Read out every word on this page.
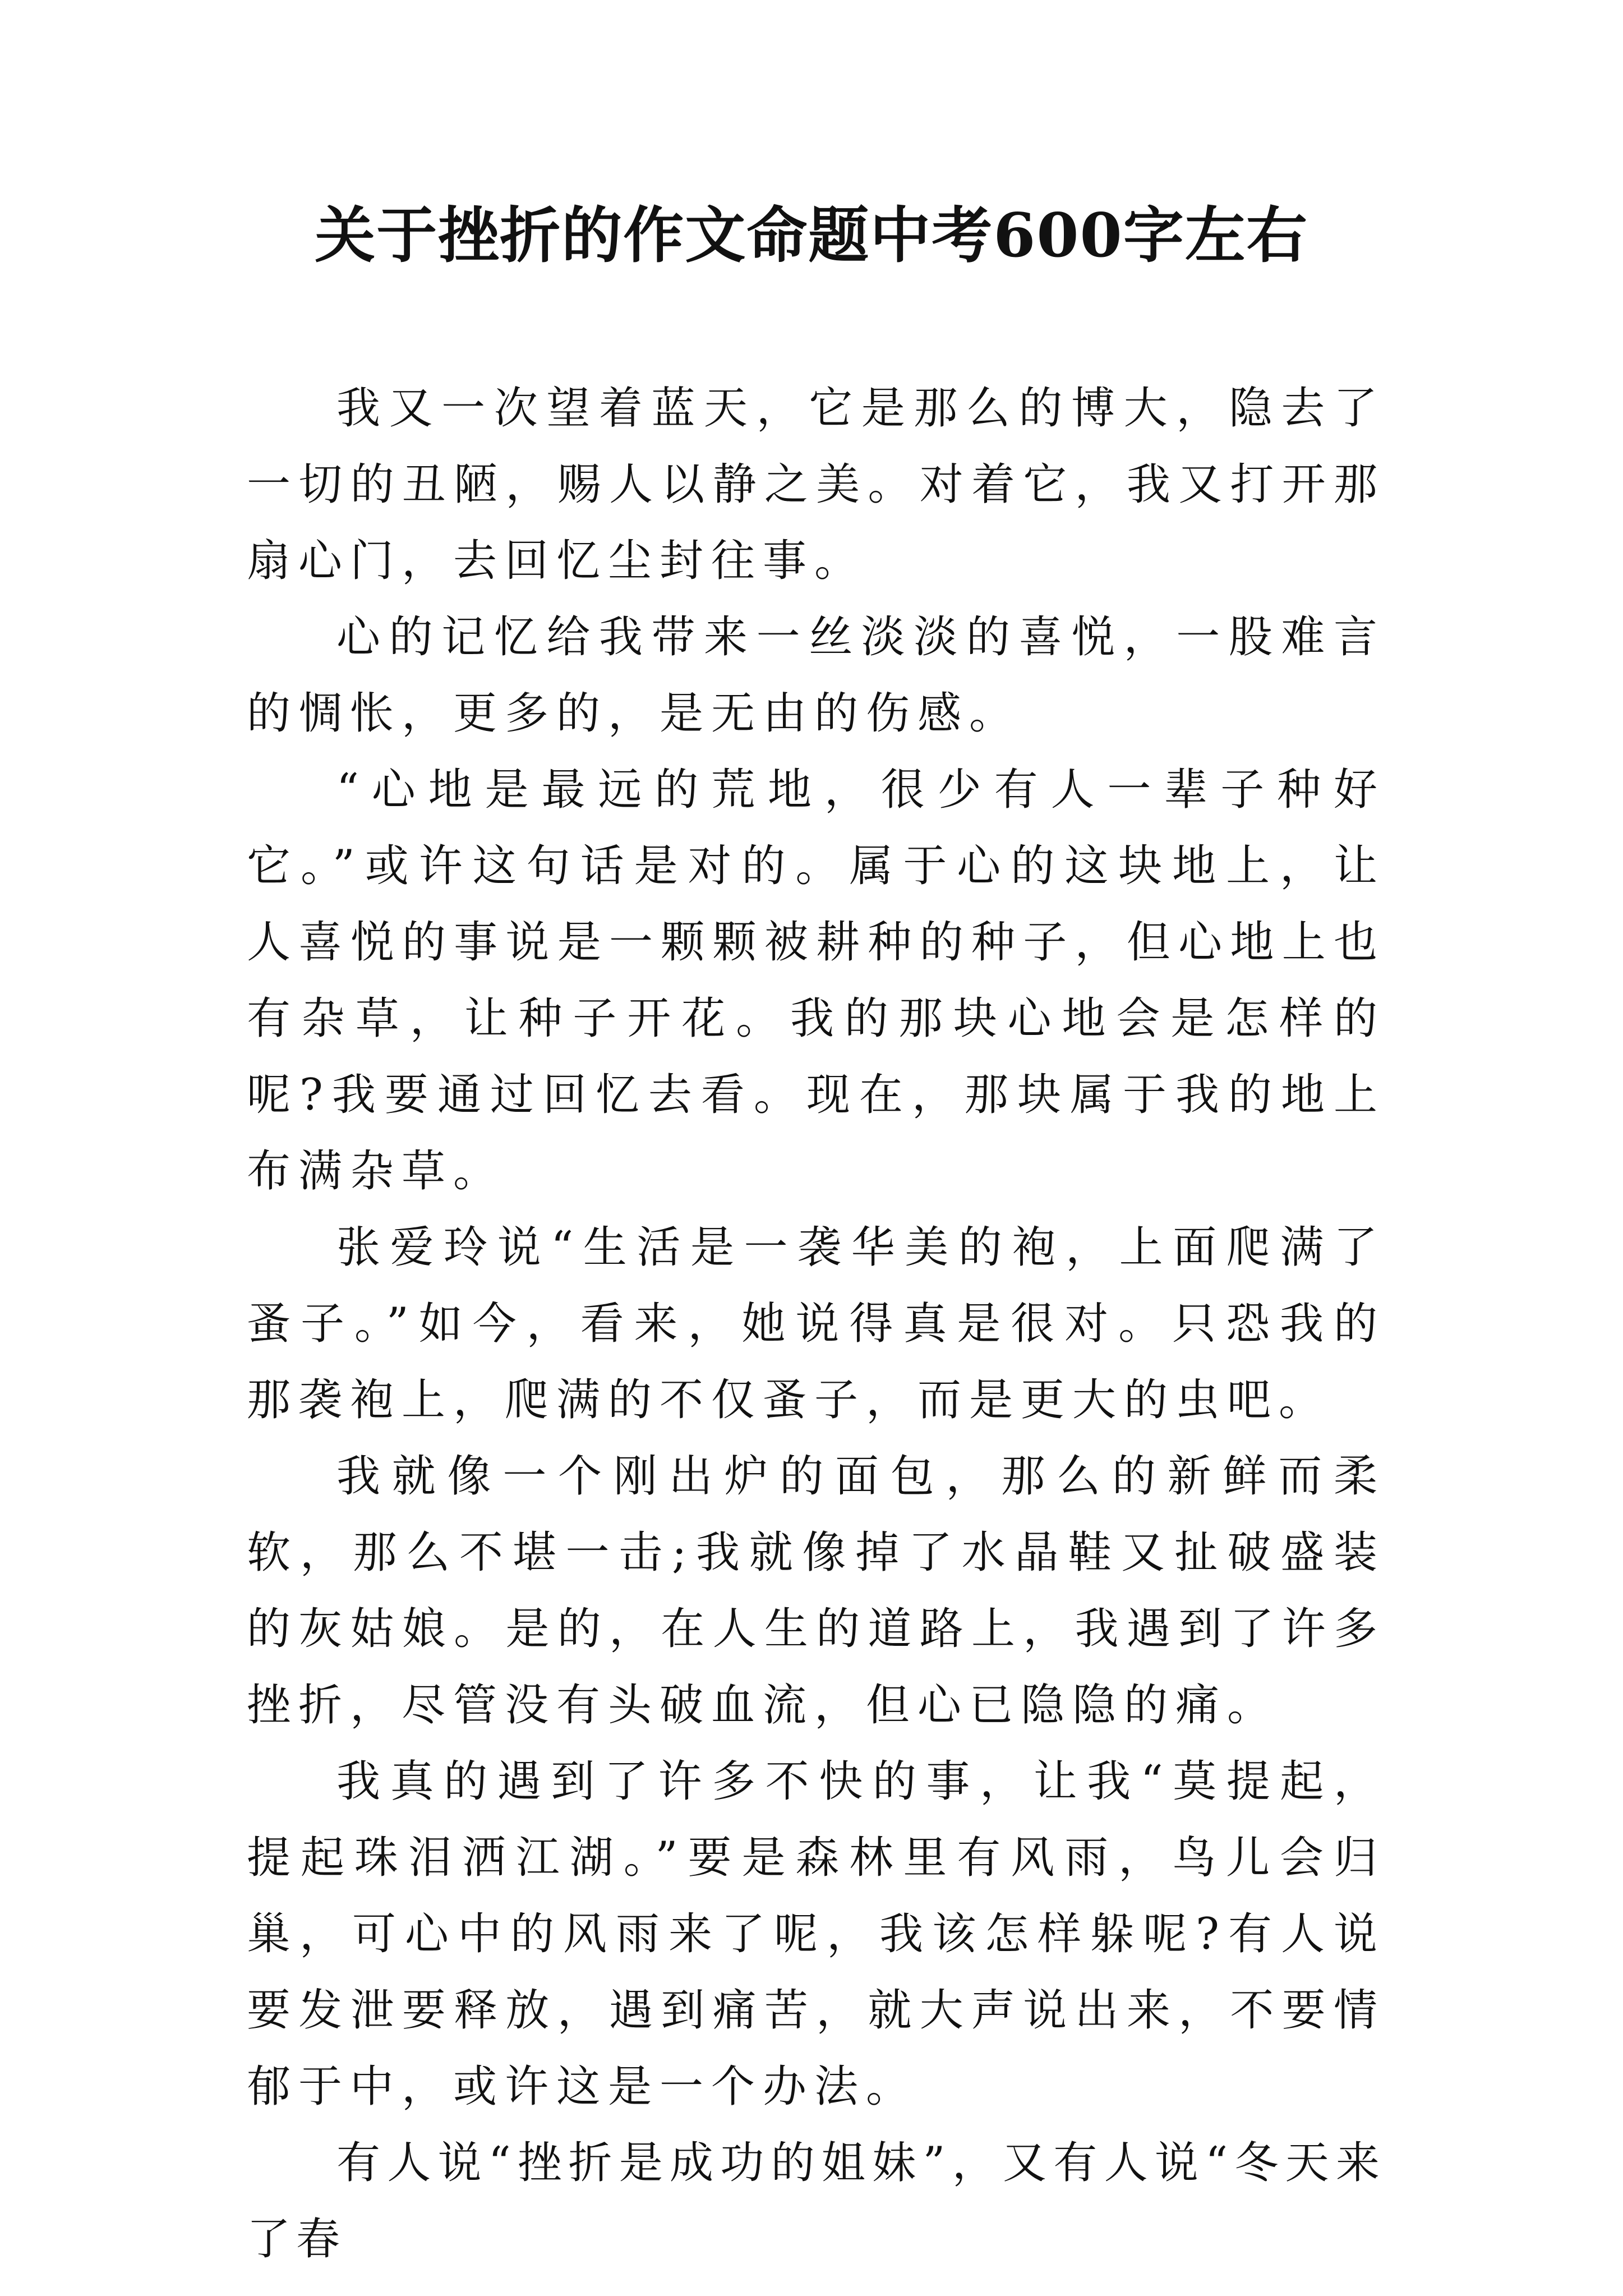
关于挫折的作文命题中考600字左右

我又一次望着蓝天，它是那么的博大，隐去了一切的丑陋，赐人以静之美。对着它，我又打开那扇心门，去回忆尘封往事。

心的记忆给我带来一丝淡淡的喜悦，一股难言的惆怅，更多的，是无由的伤感。

“心地是最远的荒地，很少有人一辈子种好它。”或许这句话是对的。属于心的这块地上，让人喜悦的事说是一颗颗被耕种的种子，但心地上也有杂草，让种子开花。我的那块心地会是怎样的呢?我要通过回忆去看。现在，那块属于我的地上布满杂草。

张爱玲说“生活是一袭华美的袍，上面爬满了蚤子。”如今，看来，她说得真是很对。只恐我的那袭袍上，爬满的不仅蚤子，而是更大的虫吧。

我就像一个刚出炉的面包，那么的新鲜而柔软，那么不堪一击;我就像掉了水晶鞋又扯破盛装的灰姑娘。是的，在人生的道路上，我遇到了许多挫折，尽管没有头破血流，但心已隐隐的痛。

我真的遇到了许多不快的事，让我“莫提起，提起珠泪洒江湖。”要是森林里有风雨，鸟儿会归巢，可心中的风雨来了呢，我该怎样躲呢?有人说要发泄要释放，遇到痛苦，就大声说出来，不要情郁于中，或许这是一个办法。

有人说“挫折是成功的姐妹”，又有人说“冬天来了春
